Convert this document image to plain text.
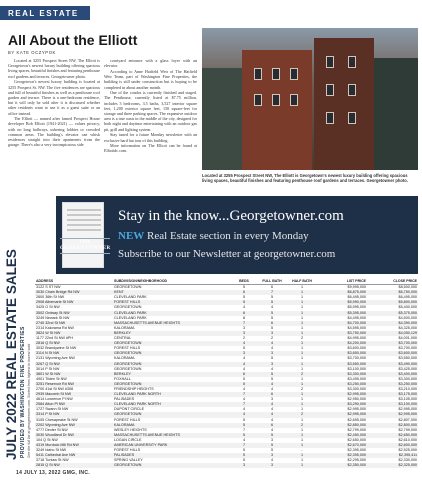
REAL ESTATE
All About the Elliott
BY KATE OCZYPOK

Located at 3255 Prospect Street NW, The Elliott is Georgetown's newest luxury building offering spacious living spaces, beautiful finishes and featuring penthouse roof gardens and terraces. Georgetowner photo.

Georgetown's newest luxury building is located at 3255 Prospect St. NW. The five residences are spacious and full of beautiful finishes as well as a penthouse roof garden and terrace. There is a one-bedroom residence, but it will only be sold after it is discussed whether other residents want to use it as a guest suite or an office instead.

The Elliott — named after famed Prospect House developer Bob Elliott (1941-2021) — values privacy, with no long hallways, ushering lobbies or crowded common areas. The building's elevator can whisk residences straight into their apartments from the garage. There's also a very inconspicuous side

courtyard entrance with a glass foyer with an elevator.

According to Anne Hatfield Weir of The Hatfield Weir Team, part of Washington Fine Properties, the building is still under construction but is hoping to be completed in about another month.

One of the condos is currently finished and staged. The Penthouse, currently listed at $7.75 million, includes 3 bedrooms, 3.5 baths, 3,527 interior square feet, 1,200 exterior square feet, 150 square-feet for storage and three parking spaces. The expansive outdoor area is a true oasis in the middle of the city, designed for both night and daytime entertaining with an outdoor gas pit, grill and lighting system.

Stay tuned for a future Monday newsletter with an exclusive hard hat tour of this building.

More information on The Elliott can be found at Elliottdc.com.

Located at 3255 Prospect Street NW, The Elliott is Georgetown's newest luxury building offering spacious living spaces, beautiful finishes and featuring penthouse roof gardens and terraces. Georgetowner photo.
THE GEORGETOWNER
Stay in the know...Georgetowner.com
NEW Real Estate section in every Monday
Subscribe to our Newsletter at georgetowner.com
JULY 2022 REAL ESTATE SALES PROVIDED BY WASHINGTON FINE PROPERTIES See the full list at georgetowner.com. Sorted from highest to lowest sold
ADDRESS	SUBDIVISION/NEIGHBORHOOD	BEDS	FULL BATH	HALF BATH	LIST PRICE	CLOSE PRICE
3122 S ST NW	GEORGETOWN	5	6	1	$9,995,000	$8,500,000
3030 Chain Bridge Rd NW	KENT	6	7	1	$6,875,000	$6,750,000
2800 36th St NW	CLEVELAND PARK	5	5	1	$6,495,000	$6,495,000
2908 Albemarle St NW	FOREST HILLS	5	5	1	$5,990,000	$5,800,000
3425 O St NW	GEORGETOWN	4	4	1	$5,995,000	$5,400,000
3502 Ordway St NW	CLEVELAND PARK	6	5	1	$5,395,000	$5,375,000
3249 Newark St NW	CLEVELAND PARK	8	5	1	$4,495,000	$4,500,000
2740 32nd St NW	MASSACHUSETTS AVENUE HEIGHTS	7	6	1	$4,700,000	$4,390,000
2314 Kalorama Rd NW	KALORAMA	3	5	1	$4,595,000	$4,325,000
3824 W St NW	BERKLEY	3	3	1	$3,750,000	$4,050,129
1177 22nd St NW #PH	CENTRAL	2	2	2	$4,995,000	$4,001,000
2816 Q St NW	GEORGETOWN	4	4	1	$4,200,000	$3,700,000
3032 Brandywine St NW	FOREST HILLS	5	4	1	$3,600,000	$3,700,000
3114 N St NW	GEORGETOWN	3	3	1	$3,650,000	$3,600,000
2131 Wyoming Ave NW	KALORAMA	4	5	1	$3,700,000	$3,550,000
3267 Q St NW	GEORGETOWN	4	3	1	$3,550,000	$3,490,000
3014 P St NW	GEORGETOWN	4	4	1	$3,100,000	$3,425,000
3801 W St NW	BERKLEY	6	5	2	$3,300,000	$3,400,000
4901 Tilden St NW	FOXHALL	5	5	1	$3,495,000	$3,300,000
3251 Reservoir Rd NW	GEORGETOWN	5	4	1	$3,250,000	$3,250,000
2700 41st St NW #308	FRIENDSHIP HEIGHTS	4	4	2	$3,300,000	$3,210,000
2939 Macomb St NW	CLEVELAND PARK NORTH	7	6	1	$2,995,000	$3,175,000
4614 Lowrence Pl NW	PALISADES	4	3	1	$2,950,000	$3,105,000
2584 Alton Pl NW	CLEVELAND PARK NORTH	7	4	1	$3,290,000	$3,100,000
1727 Swann St NW	DUPONT CIRCLE	4	4	1	$2,995,000	$2,995,000
3314 P St NW	GEORGETOWN	4	4	2	$2,995,000	$2,995,000
3105 Chesapeake St NW	FOREST HILLS	5	4	1	$2,695,000	$2,807,000
2202 Wyoming Ave NW	KALORAMA	5	6	2	$2,850,000	$2,800,000
4777 Dexter St NW	WESLEY HEIGHTS	7	4	1	$2,799,000	$2,799,000
3030 Woodland Dr NW	MASSACHUSETTS AVENUE HEIGHTS	5	5	1	$2,450,000	$2,650,000
104 Q St NW	LOGAN CIRCLE	4	3	1	$2,650,000	$2,610,000
4319 Murdock Mill Rd NW	AMERICAN UNIVERSITY PARK	7	5	1	$2,670,000	$2,600,000
3249 Idaho St NW	FOREST HILLS	5	5	-	$2,395,000	$2,525,000
5411 Cathedral Ave NW	PALISADES	5	3	1	$2,395,000	$2,395,411
3718 Tunlaw St NW	SPRING VALLEY	5	4	1	$2,295,000	$2,330,000
2815 Q St NW	GEORGETOWN	3	3	1	$2,350,000	$2,325,000
14 JULY 13, 2022 GMG, INC.
